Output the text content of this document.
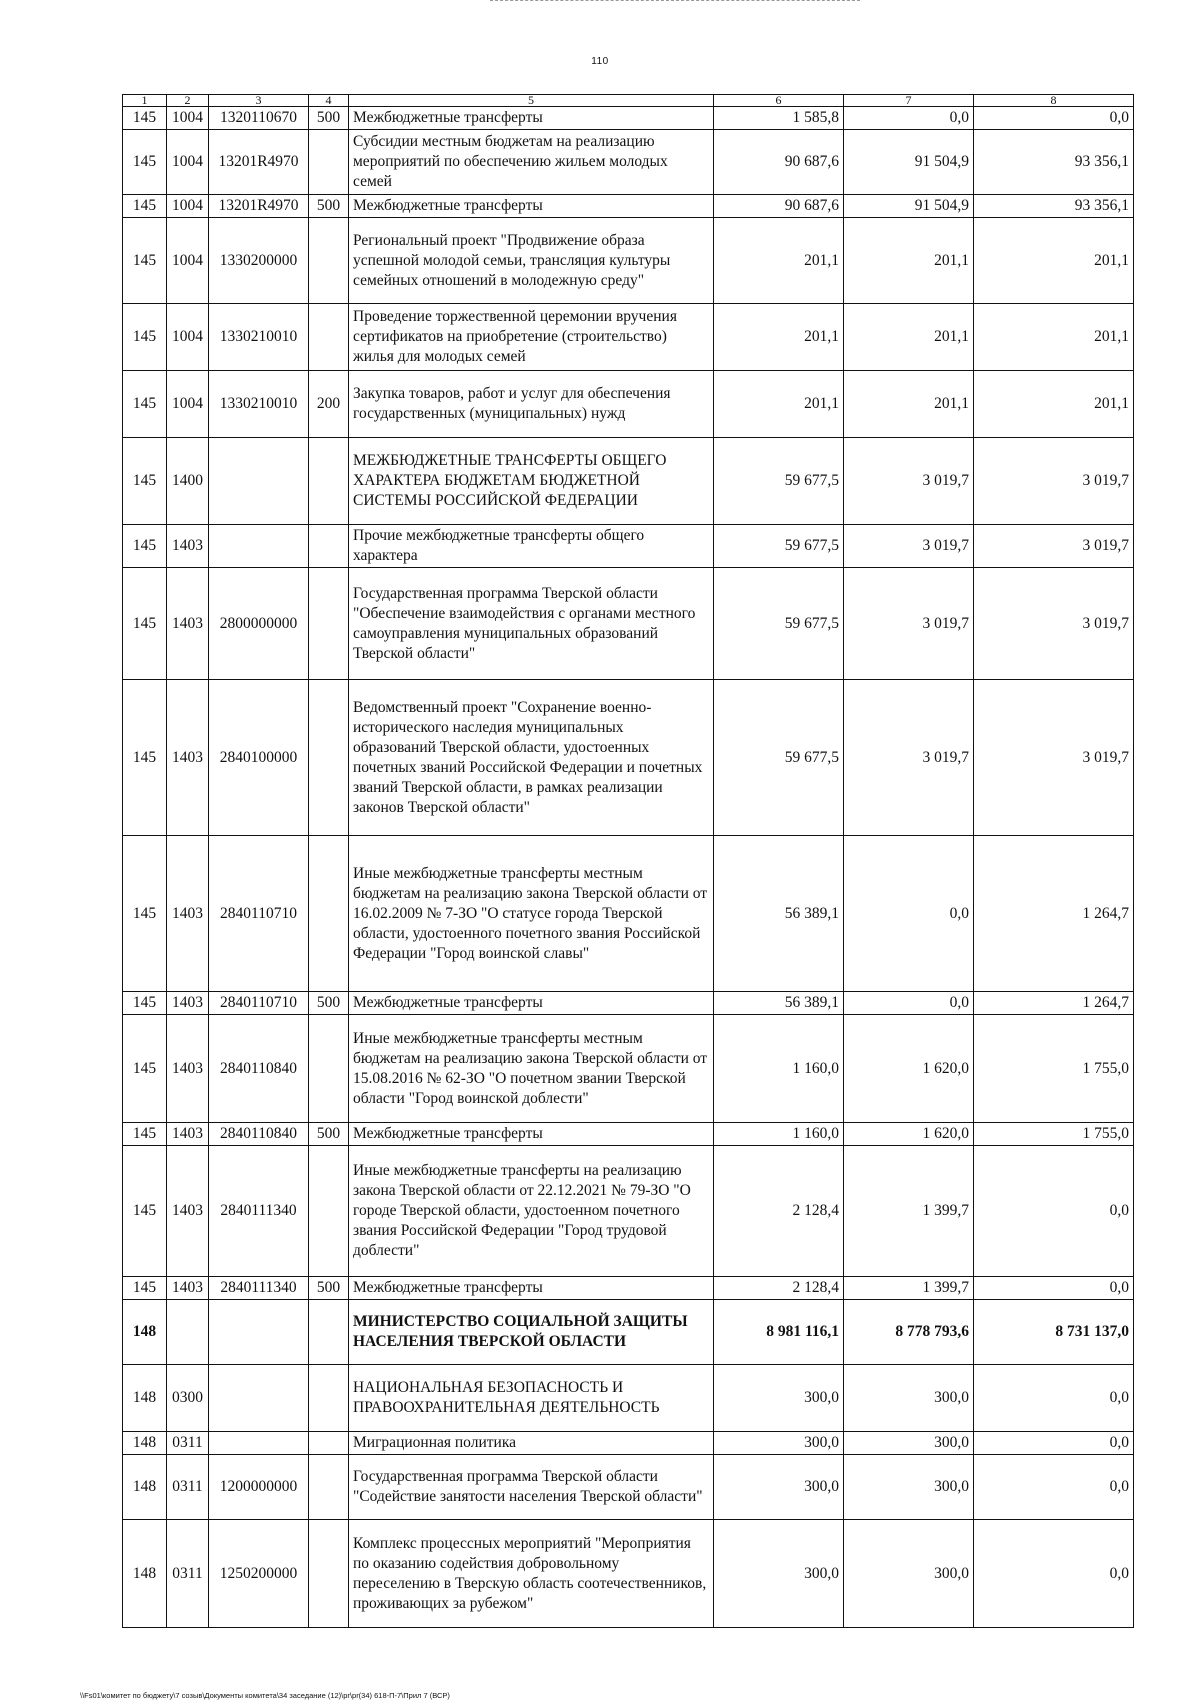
110
1	2	3	4	5	6	7	8
145	1004	1320110670	500	Межбюджетные трансферты	1 585,8	0,0	0,0
145	1004	13201R4970		Субсидии местным бюджетам на реализацию мероприятий по обеспечению жильем молодых семей	90 687,6	91 504,9	93 356,1
145	1004	13201R4970	500	Межбюджетные трансферты	90 687,6	91 504,9	93 356,1
145	1004	1330200000		Региональный проект "Продвижение образа успешной молодой семьи, трансляция культуры семейных отношений в молодежную среду"	201,1	201,1	201,1
145	1004	1330210010		Проведение торжественной церемонии вручения сертификатов на приобретение (строительство) жилья для молодых семей	201,1	201,1	201,1
145	1004	1330210010	200	Закупка товаров, работ и услуг для обеспечения государственных (муниципальных) нужд	201,1	201,1	201,1
145	1400			МЕЖБЮДЖЕТНЫЕ ТРАНСФЕРТЫ ОБЩЕГО ХАРАКТЕРА БЮДЖЕТАМ БЮДЖЕТНОЙ СИСТЕМЫ РОССИЙСКОЙ ФЕДЕРАЦИИ	59 677,5	3 019,7	3 019,7
145	1403			Прочие межбюджетные трансферты общего характера	59 677,5	3 019,7	3 019,7
145	1403	2800000000		Государственная программа Тверской области "Обеспечение взаимодействия с органами местного самоуправления муниципальных образований Тверской области"	59 677,5	3 019,7	3 019,7
145	1403	2840100000		Ведомственный проект "Сохранение военно-исторического наследия муниципальных образований Тверской области, удостоенных почетных званий Российской Федерации и почетных званий Тверской области, в рамках реализации законов Тверской области"	59 677,5	3 019,7	3 019,7
145	1403	2840110710		Иные межбюджетные трансферты местным бюджетам на реализацию закона Тверской области от 16.02.2009 № 7-ЗО "О статусе города Тверской области, удостоенного почетного звания Российской Федерации "Город воинской славы"	56 389,1	0,0	1 264,7
145	1403	2840110710	500	Межбюджетные трансферты	56 389,1	0,0	1 264,7
145	1403	2840110840		Иные межбюджетные трансферты местным бюджетам на реализацию закона Тверской области от 15.08.2016 № 62-ЗО "О почетном звании Тверской области "Город воинской доблести"	1 160,0	1 620,0	1 755,0
145	1403	2840110840	500	Межбюджетные трансферты	1 160,0	1 620,0	1 755,0
145	1403	2840111340		Иные межбюджетные трансферты на реализацию закона Тверской области от 22.12.2021 № 79-ЗО "О городе Тверской области, удостоенном почетного звания Российской Федерации "Город трудовой доблести"	2 128,4	1 399,7	0,0
145	1403	2840111340	500	Межбюджетные трансферты	2 128,4	1 399,7	0,0
148				МИНИСТЕРСТВО СОЦИАЛЬНОЙ ЗАЩИТЫ НАСЕЛЕНИЯ ТВЕРСКОЙ ОБЛАСТИ	8 981 116,1	8 778 793,6	8 731 137,0
148	0300			НАЦИОНАЛЬНАЯ БЕЗОПАСНОСТЬ И ПРАВООХРАНИТЕЛЬНАЯ ДЕЯТЕЛЬНОСТЬ	300,0	300,0	0,0
148	0311			Миграционная политика	300,0	300,0	0,0
148	0311	1200000000		Государственная программа Тверской области "Содействие занятости населения Тверской области"	300,0	300,0	0,0
148	0311	1250200000		Комплекс процессных мероприятий "Мероприятия по оказанию содействия добровольному переселению в Тверскую область соотечественников, проживающих за рубежом"	300,0	300,0	0,0
\\Fs01\комитет по бюджету\7 созыв\Документы комитета\34 заседание (12)\pr\pr(34) 618-П-7\Прил 7 (ВСР)
